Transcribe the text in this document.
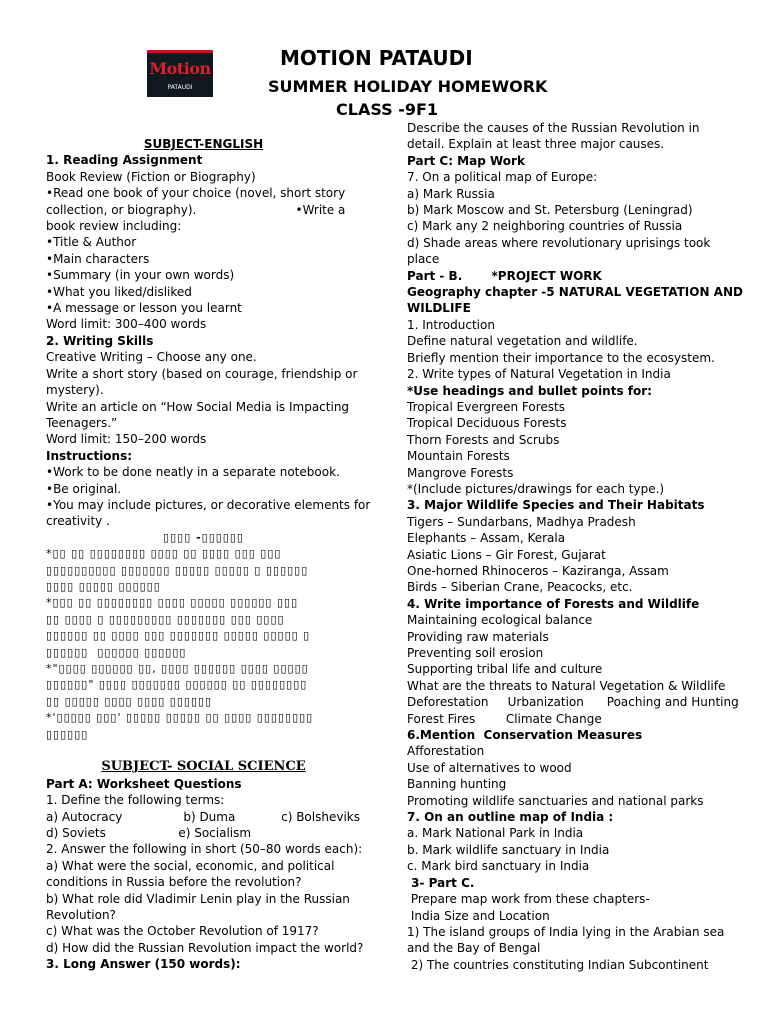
Motion
PATAUDI
MOTION PATAUDI
SUMMER HOLIDAY HOMEWORK
CLASS -9F1
SUBJECT-ENGLISH
1. Reading Assignment
Book Review (Fiction or Biography)
•Read one book of your choice (novel, short story
collection, or biography).                          •Write a
book review including:
•Title & Author
•Main characters
•Summary (in your own words)
•What you liked/disliked
•A message or lesson you learnt
Word limit: 300–400 words
2. Writing Skills
Creative Writing – Choose any one.
Write a short story (based on courage, friendship or
mystery).
Write an article on “How Social Media is Impacting
Teenagers.”
Word limit: 150–200 words
Instructions:
•Work to be done neatly in a separate notebook.
•Be original.
•You may include pictures, or decorative elements for
creativity .
▯▯▯▯ -▯▯▯▯▯▯
*▯▯ ▯▯ ▯▯▯▯▯▯▯▯ ▯▯▯▯ ▯▯ ▯▯▯▯ ▯▯▯ ▯▯▯
▯▯▯▯▯▯▯▯▯▯ ▯▯▯▯▯▯▯ ▯▯▯▯▯ ▯▯▯▯▯ ▯ ▯▯▯▯▯▯
▯▯▯▯ ▯▯▯▯▯ ▯▯▯▯▯▯
*▯▯▯ ▯▯ ▯▯▯▯▯▯▯▯ ▯▯▯▯ ▯▯▯▯▯ ▯▯▯▯▯▯ ▯▯▯
▯▯ ▯▯▯▯ ▯ ▯▯▯▯▯▯▯▯▯ ▯▯▯▯▯▯▯ ▯▯▯ ▯▯▯▯
▯▯▯▯▯▯ ▯▯ ▯▯▯▯ ▯▯▯ ▯▯▯▯▯▯▯ ▯▯▯▯▯ ▯▯▯▯▯ ▯
▯▯▯▯▯▯  ▯▯▯▯▯▯ ▯▯▯▯▯▯
*"▯▯▯▯ ▯▯▯▯▯▯ ▯▯, ▯▯▯▯ ▯▯▯▯▯▯ ▯▯▯▯ ▯▯▯▯▯
▯▯▯▯▯▯" ▯▯▯▯ ▯▯▯▯▯▯▯ ▯▯▯▯▯▯ ▯▯ ▯▯▯▯▯▯▯▯
▯▯ ▯▯▯▯▯ ▯▯▯▯ ▯▯▯▯ ▯▯▯▯▯▯
*'▯▯▯▯▯ ▯▯▯' ▯▯▯▯▯ ▯▯▯▯▯ ▯▯ ▯▯▯▯ ▯▯▯▯▯▯▯▯
▯▯▯▯▯▯
SUBJECT- SOCIAL SCIENCE
Part A: Worksheet Questions
1. Define the following terms:
a) Autocracy                b) Duma            c) Bolsheviks
d) Soviets                   e) Socialism
2. Answer the following in short (50–80 words each):
a) What were the social, economic, and political
conditions in Russia before the revolution?
b) What role did Vladimir Lenin play in the Russian
Revolution?
c) What was the October Revolution of 1917?
d) How did the Russian Revolution impact the world?
3. Long Answer (150 words):
Describe the causes of the Russian Revolution in
detail. Explain at least three major causes.
Part C: Map Work
7. On a political map of Europe:
a) Mark Russia
b) Mark Moscow and St. Petersburg (Leningrad)
c) Mark any 2 neighboring countries of Russia
d) Shade areas where revolutionary uprisings took
place
Part - B.       *PROJECT WORK
Geography chapter -5 NATURAL VEGETATION AND
WILDLIFE
1. Introduction
Define natural vegetation and wildlife.
Briefly mention their importance to the ecosystem.
2. Write types of Natural Vegetation in India
*Use headings and bullet points for:
Tropical Evergreen Forests
Tropical Deciduous Forests
Thorn Forests and Scrubs
Mountain Forests
Mangrove Forests
*(Include pictures/drawings for each type.)
3. Major Wildlife Species and Their Habitats
Tigers – Sundarbans, Madhya Pradesh
Elephants – Assam, Kerala
Asiatic Lions – Gir Forest, Gujarat
One-horned Rhinoceros – Kaziranga, Assam
Birds – Siberian Crane, Peacocks, etc.
4. Write importance of Forests and Wildlife
Maintaining ecological balance
Providing raw materials
Preventing soil erosion
Supporting tribal life and culture
What are the threats to Natural Vegetation & Wildlife
Deforestation     Urbanization      Poaching and Hunting
Forest Fires        Climate Change
6.Mention  Conservation Measures
Afforestation
Use of alternatives to wood
Banning hunting
Promoting wildlife sanctuaries and national parks
7. On an outline map of India :
a. Mark National Park in India
b. Mark wildlife sanctuary in India
c. Mark bird sanctuary in India
3- Part C.
Prepare map work from these chapters-
India Size and Location
1) The island groups of India lying in the Arabian sea
and the Bay of Bengal
2) The countries constituting Indian Subcontinent
